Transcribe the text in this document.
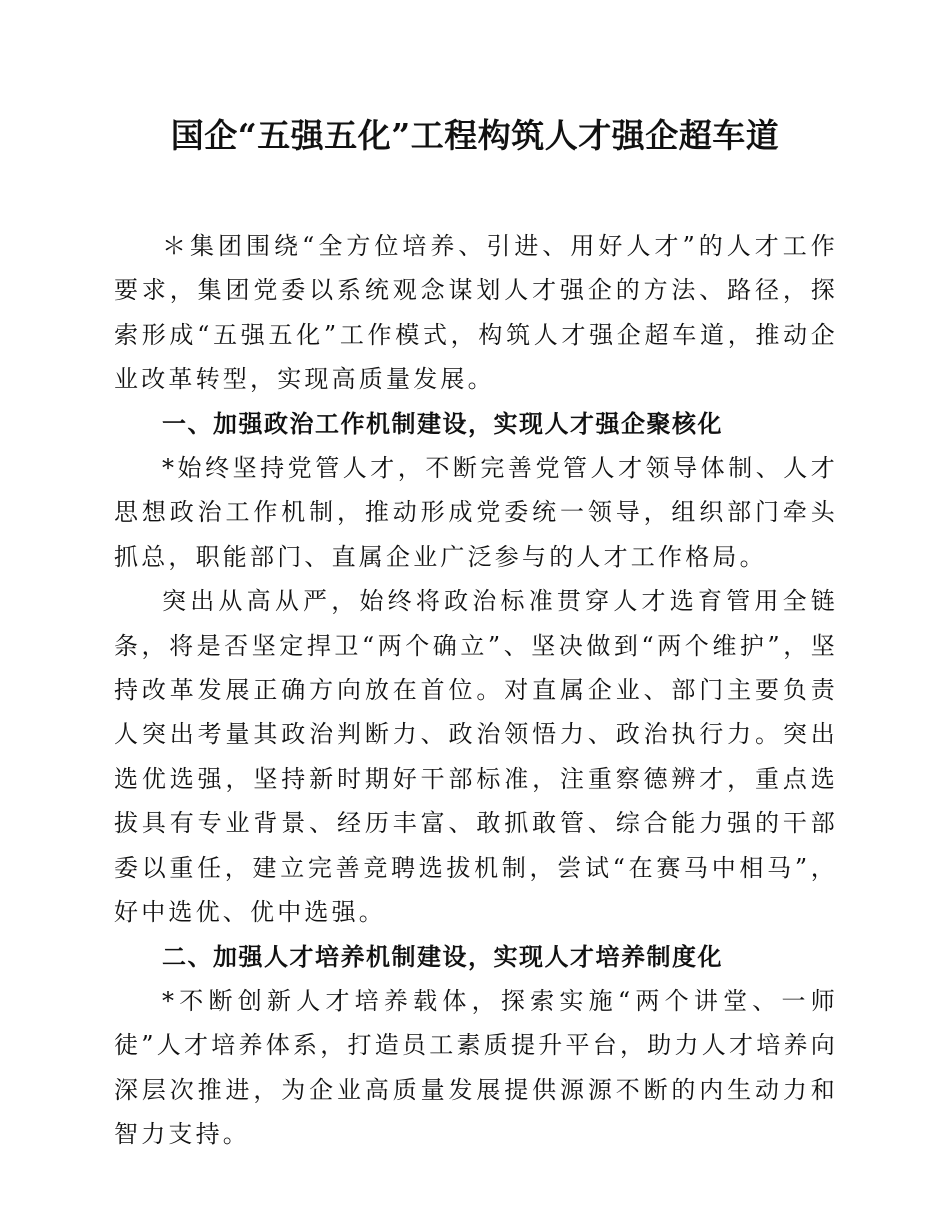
国企“五强五化”工程构筑人才强企超车道

＊集团围绕“全方位培养、引进、用好人才”的人才工作要求，集团党委以系统观念谋划人才强企的方法、路径，探索形成“五强五化”工作模式，构筑人才强企超车道，推动企业改革转型，实现高质量发展。

一、加强政治工作机制建设，实现人才强企聚核化

*始终坚持党管人才，不断完善党管人才领导体制、人才思想政治工作机制，推动形成党委统一领导，组织部门牵头抓总，职能部门、直属企业广泛参与的人才工作格局。

突出从高从严，始终将政治标准贯穿人才选育管用全链条，将是否坚定捍卫“两个确立”、坚决做到“两个维护”，坚持改革发展正确方向放在首位。对直属企业、部门主要负责人突出考量其政治判断力、政治领悟力、政治执行力。突出选优选强，坚持新时期好干部标准，注重察德辨才，重点选拔具有专业背景、经历丰富、敢抓敢管、综合能力强的干部委以重任，建立完善竞聘选拔机制，尝试“在赛马中相马”，好中选优、优中选强。

二、加强人才培养机制建设，实现人才培养制度化

*不断创新人才培养载体，探索实施“两个讲堂、一师徒”人才培养体系，打造员工素质提升平台，助力人才培养向深层次推进，为企业高质量发展提供源源不断的内生动力和智力支持。
